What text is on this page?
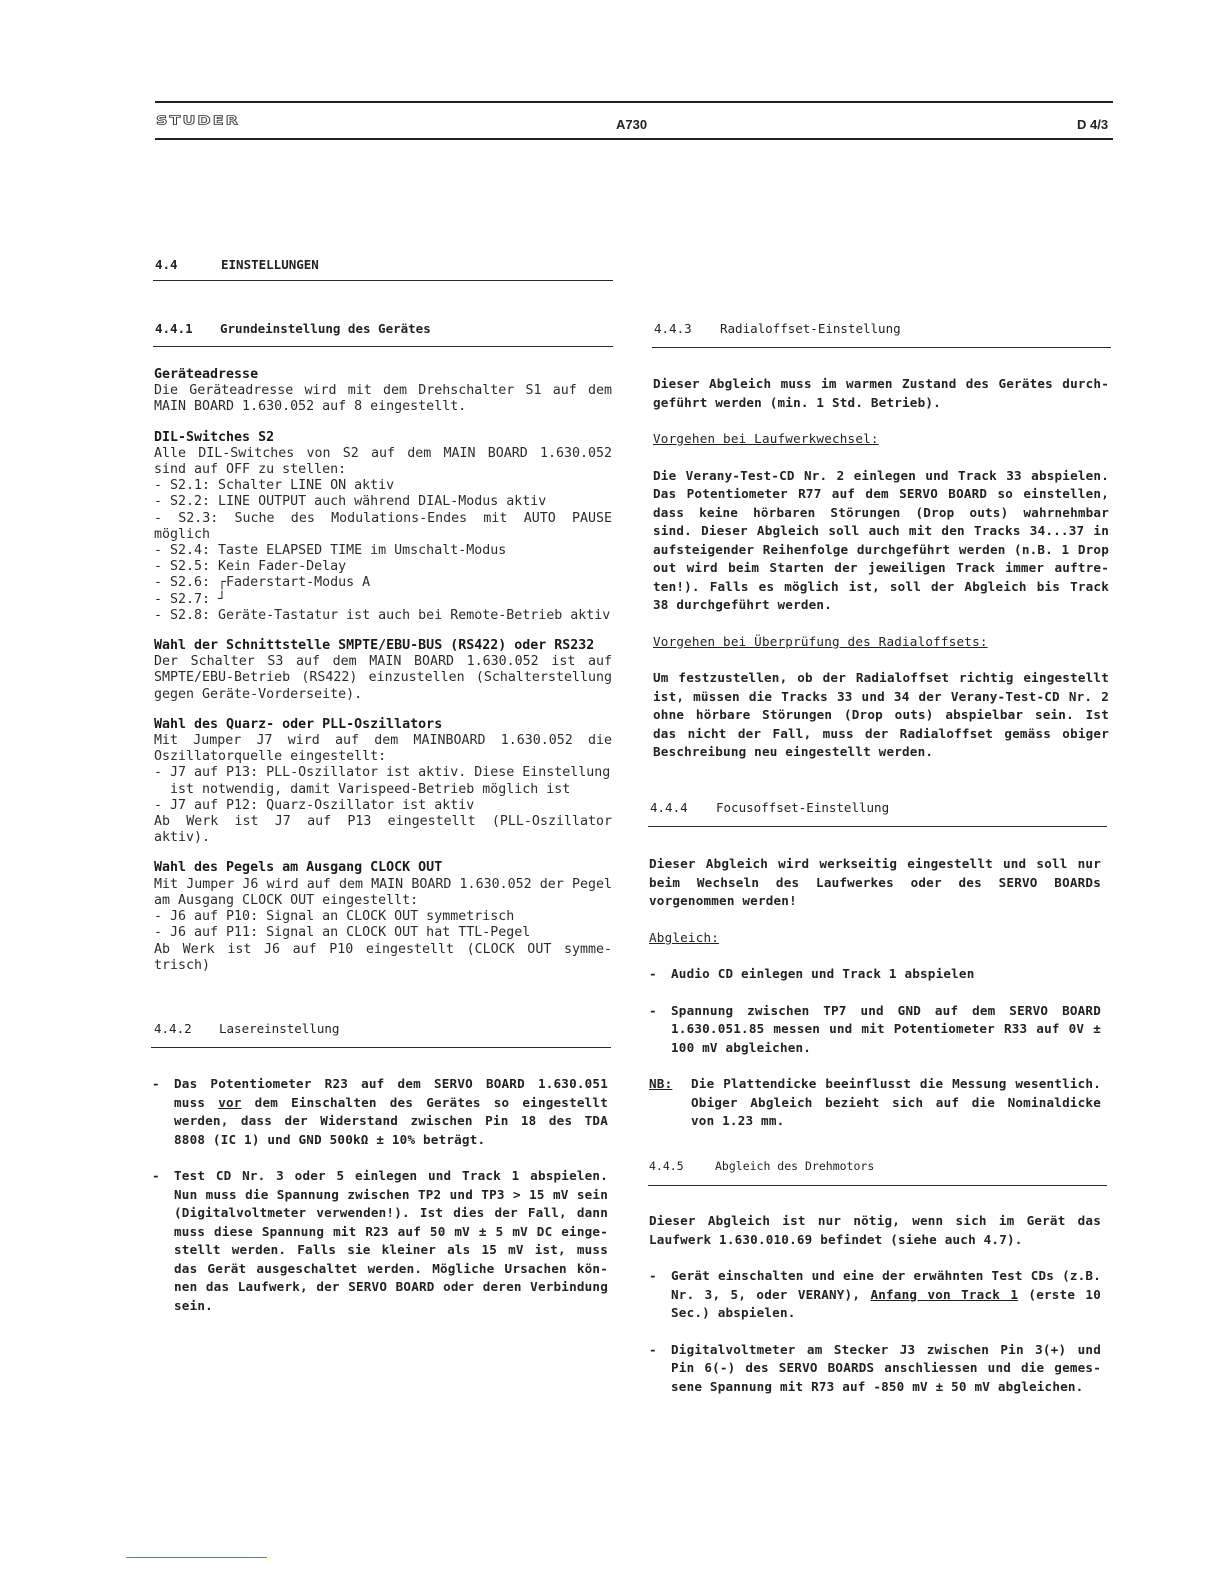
STUDER	A730	D 4/3
4.4	EINSTELLUNGEN
4.4.1 Grundeinstellung des Gerätes

Geräteadresse

Die Geräteadresse wird mit dem Drehschalter S1 auf dem

MAIN BOARD 1.630.052 auf 8 eingestellt.

DIL-Switches S2

Alle DIL-Switches von S2 auf dem MAIN BOARD 1.630.052

sind auf OFF zu stellen:

- S2.1: Schalter LINE ON aktiv

- S2.2: LINE OUTPUT auch während DIAL-Modus aktiv

- S2.3: Suche des Modulations-Endes mit AUTO PAUSE

möglich

- S2.4: Taste ELAPSED TIME im Umschalt-Modus

- S2.5: Kein Fader-Delay

- S2.6: ┌Faderstart-Modus A

- S2.7: ┘

- S2.8: Geräte-Tastatur ist auch bei Remote-Betrieb aktiv

Wahl der Schnittstelle SMPTE/EBU-BUS (RS422) oder RS232

Der Schalter S3 auf dem MAIN BOARD 1.630.052 ist auf

SMPTE/EBU-Betrieb (RS422) einzustellen (Schalterstellung

gegen Geräte-Vorderseite).

Wahl des Quarz- oder PLL-Oszillators

Mit Jumper J7 wird auf dem MAINBOARD 1.630.052 die

Oszillatorquelle eingestellt:

- J7 auf P13: PLL-Oszillator ist aktiv. Diese Einstellung

ist notwendig, damit Varispeed-Betrieb möglich ist

- J7 auf P12: Quarz-Oszillator ist aktiv

Ab Werk ist J7 auf P13 eingestellt (PLL-Oszillator

aktiv).

Wahl des Pegels am Ausgang CLOCK OUT

Mit Jumper J6 wird auf dem MAIN BOARD 1.630.052 der Pegel

am Ausgang CLOCK OUT eingestellt:

- J6 auf P10: Signal an CLOCK OUT symmetrisch

- J6 auf P11: Signal an CLOCK OUT hat TTL-Pegel

Ab Werk ist J6 auf P10 eingestellt (CLOCK OUT symme-

trisch)

4.4.2 Lasereinstellung
-	Das Potentiometer R23 auf dem SERVO BOARD 1.630.051 muss vor dem Einschalten des Gerätes so eingestellt werden, dass der Widerstand zwischen Pin 18 des TDA 8808 (IC 1) und GND 500kΩ ± 10% beträgt.
-	Test CD Nr. 3 oder 5 einlegen und Track 1 abspielen. Nun muss die Spannung zwischen TP2 und TP3 > 15 mV sein (Digitalvoltmeter verwenden!). Ist dies der Fall, dann muss diese Spannung mit R23 auf 50 mV ± 5 mV DC einge-stellt werden. Falls sie kleiner als 15 mV ist, muss das Gerät ausgeschaltet werden. Mögliche Ursachen kön-nen das Laufwerk, der SERVO BOARD oder deren Verbindung sein.
4.4.3 Radialoffset-Einstellung

Dieser Abgleich muss im warmen Zustand des Gerätes durch-geführt werden (min. 1 Std. Betrieb).

Vorgehen bei Laufwerkwechsel:

Die Verany-Test-CD Nr. 2 einlegen und Track 33 abspielen. Das Potentiometer R77 auf dem SERVO BOARD so einstellen, dass keine hörbaren Störungen (Drop outs) wahrnehmbar sind. Dieser Abgleich soll auch mit den Tracks 34...37 in aufsteigender Reihenfolge durchgeführt werden (n.B. 1 Drop out wird beim Starten der jeweiligen Track immer auftre-ten!). Falls es möglich ist, soll der Abgleich bis Track 38 durchgeführt werden.

Vorgehen bei Überprüfung des Radialoffsets:

Um festzustellen, ob der Radialoffset richtig eingestellt ist, müssen die Tracks 33 und 34 der Verany-Test-CD Nr. 2 ohne hörbare Störungen (Drop outs) abspielbar sein. Ist das nicht der Fall, muss der Radialoffset gemäss obiger Beschreibung neu eingestellt werden.

4.4.4 Focusoffset-Einstellung

Dieser Abgleich wird werkseitig eingestellt und soll nur beim Wechseln des Laufwerkes oder des SERVO BOARDs vorgenommen werden!

Abgleich:

-	Audio CD einlegen und Track 1 abspielen
-	Spannung zwischen TP7 und GND auf dem SERVO BOARD 1.630.051.85 messen und mit Potentiometer R33 auf 0V ± 100 mV abgleichen.
NB:	Die Plattendicke beeinflusst die Messung wesentlich. Obiger Abgleich bezieht sich auf die Nominaldicke von 1.23 mm.
4.4.5	Abgleich des Drehmotors

Dieser Abgleich ist nur nötig, wenn sich im Gerät das Laufwerk 1.630.010.69 befindet (siehe auch 4.7).

-	Gerät einschalten und eine der erwähnten Test CDs (z.B. Nr. 3, 5, oder VERANY), Anfang von Track 1 (erste 10 Sec.) abspielen.
-	Digitalvoltmeter am Stecker J3 zwischen Pin 3(+) und Pin 6(-) des SERVO BOARDS anschliessen und die gemes-sene Spannung mit R73 auf -850 mV ± 50 mV abgleichen.
